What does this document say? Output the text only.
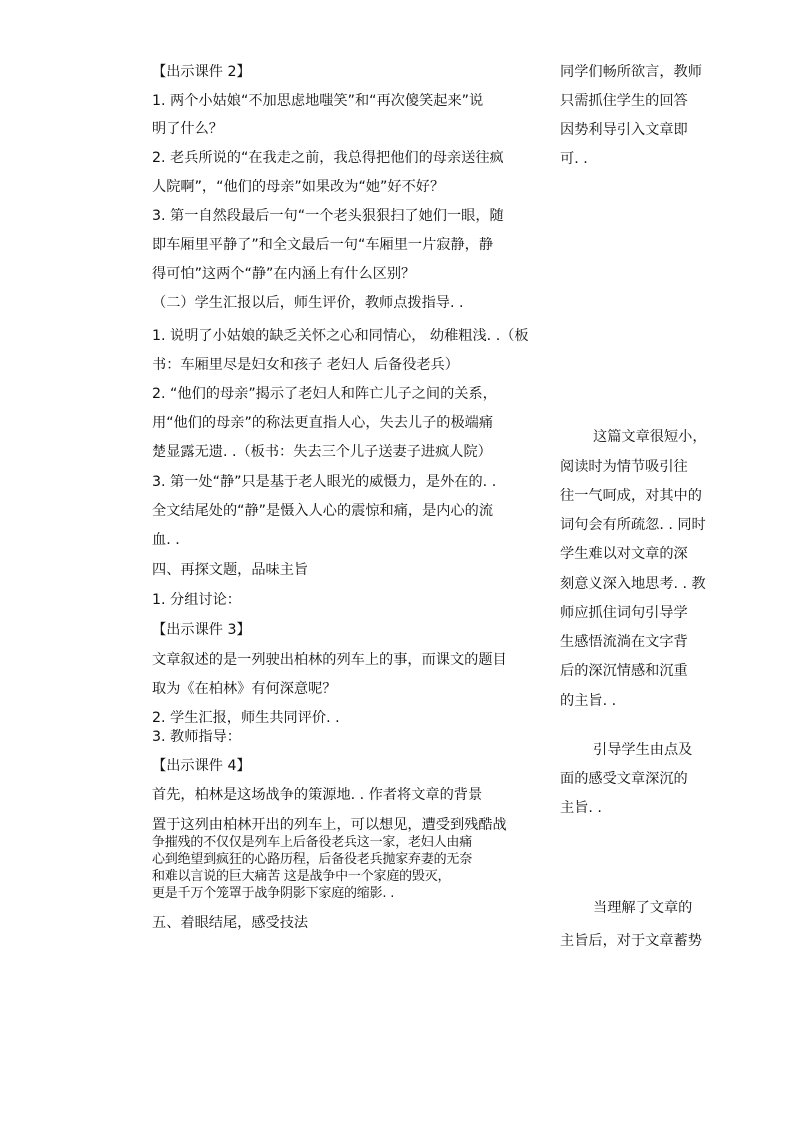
【出示课件 2】
1. 两个小姑娘“不加思虑地嗤笑”和“再次傻笑起来”说
明了什么？
2. 老兵所说的“在我走之前，我总得把他们的母亲送往疯
人院啊”，“他们的母亲”如果改为“她”好不好？
3. 第一自然段最后一句“一个老头狠狠扫了她们一眼，随
即车厢里平静了”和全文最后一句“车厢里一片寂静，静
得可怕”这两个“静”在内涵上有什么区别？
（二）学生汇报以后，师生评价，教师点拨指导. .
1. 说明了小姑娘的缺乏关怀之心和同情心， 幼稚粗浅. .（板
书：车厢里尽是妇女和孩子 老妇人 后备役老兵）
2. “他们的母亲”揭示了老妇人和阵亡儿子之间的关系，
用“他们的母亲”的称法更直指人心，失去儿子的极端痛
楚显露无遗. .（板书：失去三个儿子送妻子进疯人院）
3. 第一处“静”只是基于老人眼光的威慑力，是外在的. .
全文结尾处的“静”是慑入人心的震惊和痛，是内心的流
血. .
四、再探文题，品味主旨
1. 分组讨论：
【出示课件 3】
文章叙述的是一列驶出柏林的列车上的事，而课文的题目
取为《在柏林》有何深意呢？
2. 学生汇报，师生共同评价. .
3. 教师指导：
【出示课件 4】
首先，柏林是这场战争的策源地. . 作者将文章的背景
置于这列由柏林开出的列车上，可以想见，遭受到残酷战
争摧残的不仅仅是列车上后备役老兵这一家，老妇人由痛
心到绝望到疯狂的心路历程，后备役老兵抛家弃妻的无奈
和难以言说的巨大痛苦 这是战争中一个家庭的毁灭，
更是千万个笼罩于战争阴影下家庭的缩影. .
五、着眼结尾，感受技法
同学们畅所欲言，教师
只需抓住学生的回答
因势利导引入文章即
可. .
这篇文章很短小，
阅读时为情节吸引往
往一气呵成，对其中的
词句会有所疏忽. . 同时
学生难以对文章的深
刻意义深入地思考. . 教
师应抓住词句引导学
生感悟流淌在文字背
后的深沉情感和沉重
的主旨. .
引导学生由点及
面的感受文章深沉的
主旨. .
当理解了文章的
主旨后，对于文章蓄势
